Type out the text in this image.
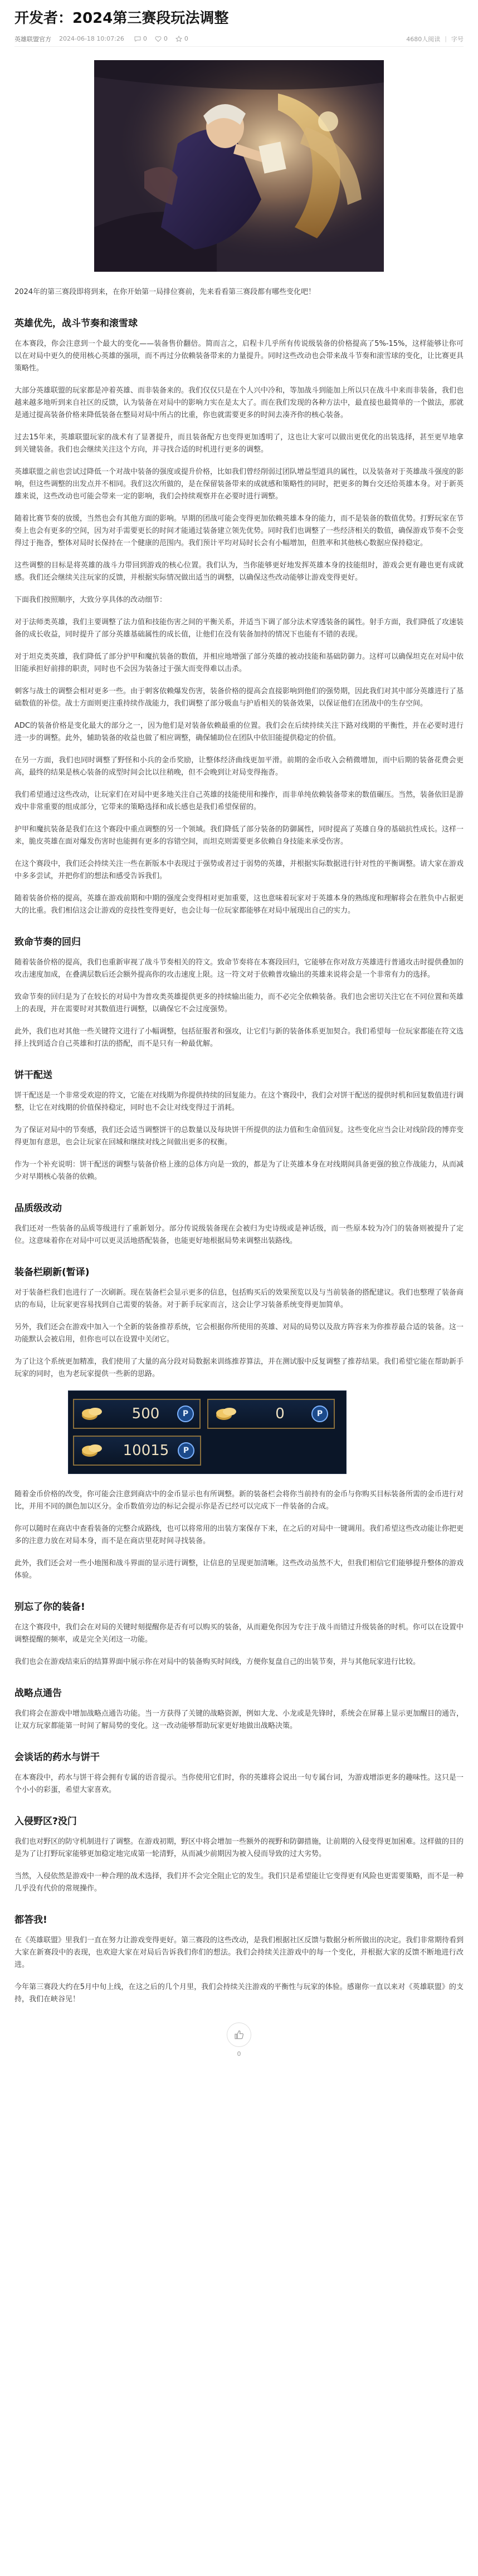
开发者：2024第三赛段玩法调整
英雄联盟官方 2024-06-18 10:07:26	0	0	0	4680人阅读 | 字号

2024年的第三赛段即将到来，在你开始第一局排位赛前，先来看看第三赛段都有哪些变化吧！

英雄优先，战斗节奏和滚雪球

在本赛段，你会注意到一个最大的变化——装备售价翻倍。简而言之，启程卡几乎所有传说级装备的价格提高了5%-15%，这样能够让你可以在对局中更久的使用核心英雄的强项，而不再过分依赖装备带来的力量提升。同时这些改动也会带来战斗节奏和滚雪球的变化，让比赛更具策略性。

大部分英雄联盟的玩家都是冲着英雄、而非装备来的。我们仅仅只是在个人兴中冷和，等加战斗到能加上所以只在战斗中来而非装备，我们也越来越多地听到来自社区的反馈，认为装备在对局中的影响力实在是太大了。而在我们发现的各种方法中，最直接也最简单的一个做法，那就是通过提高装备价格来降低装备在整局对局中所占的比重，你也就需要更多的时间去凑齐你的核心装备。

过去15年来，英雄联盟玩家的战术有了显著提升，而且装备配方也变得更加透明了，这也让大家可以做出更优化的出装选择，甚至更早地拿到关键装备。我们也会继续关注这个方向，并寻找合适的时机进行更多的调整。

英雄联盟之前也尝试过降低一个对战中装备的强度或提升价格，比如我们曾经削弱过团队增益型道具的属性，以及装备对于英雄战斗强度的影响，但这些调整的出发点并不相同。我们这次所做的，是在保留装备带来的成就感和策略性的同时，把更多的舞台交还给英雄本身。对于新英雄来说，这些改动也可能会带来一定的影响，我们会持续观察并在必要时进行调整。

随着比赛节奏的放缓，当然也会有其他方面的影响。早期的团战可能会变得更加依赖英雄本身的能力，而不是装备的数值优势。打野玩家在节奏上也会有更多的空间，因为对手需要更长的时间才能通过装备建立领先优势。同时我们也调整了一些经济相关的数值，确保游戏节奏不会变得过于拖沓，整体对局时长保持在一个健康的范围内。我们预计平均对局时长会有小幅增加，但胜率和其他核心数据应保持稳定。

这些调整的目标是将英雄的战斗力带回到游戏的核心位置。我们认为，当你能够更好地发挥英雄本身的技能组时，游戏会更有趣也更有成就感。我们还会继续关注玩家的反馈，并根据实际情况做出适当的调整，以确保这些改动能够让游戏变得更好。

下面我们按照顺序，大致分享具体的改动细节：

对于法师类英雄，我们主要调整了法力值和技能伤害之间的平衡关系，并适当下调了部分法术穿透装备的属性。射手方面，我们降低了攻速装备的成长收益，同时提升了部分英雄基础属性的成长值，让他们在没有装备加持的情况下也能有不错的表现。

对于坦克类英雄，我们降低了部分护甲和魔抗装备的数值，并相应地增强了部分英雄的被动技能和基础防御力。这样可以确保坦克在对局中依旧能承担好前排的职责，同时也不会因为装备过于强大而变得难以击杀。

刺客与战士的调整会相对更多一些。由于刺客依赖爆发伤害，装备价格的提高会直接影响到他们的强势期，因此我们对其中部分英雄进行了基础数值的补偿。战士方面则更注重持续作战能力，我们调整了部分吸血与护盾相关的装备效果，以保证他们在团战中的生存空间。

ADC的装备价格是变化最大的部分之一，因为他们是对装备依赖最重的位置。我们会在后续持续关注下路对线期的平衡性，并在必要时进行进一步的调整。此外，辅助装备的收益也做了相应调整，确保辅助位在团队中依旧能提供稳定的价值。

在另一方面，我们也同时调整了野怪和小兵的金币奖励，让整体经济曲线更加平滑。前期的金币收入会稍微增加，而中后期的装备花费会更高，最终的结果是核心装备的成型时间会比以往稍晚，但不会晚到让对局变得拖沓。

我们希望通过这些改动，让玩家们在对局中更多地关注自己英雄的技能使用和操作，而非单纯依赖装备带来的数值碾压。当然，装备依旧是游戏中非常重要的组成部分，它带来的策略选择和成长感也是我们希望保留的。

护甲和魔抗装备是我们在这个赛段中重点调整的另一个领域。我们降低了部分装备的防御属性，同时提高了英雄自身的基础抗性成长。这样一来，脆皮英雄在面对爆发伤害时也能拥有更多的容错空间，而坦克则需要更多依赖自身技能来承受伤害。

在这个赛段中，我们还会持续关注一些在新版本中表现过于强势或者过于弱势的英雄，并根据实际数据进行针对性的平衡调整。请大家在游戏中多多尝试，并把你们的想法和感受告诉我们。

随着装备价格的提高，英雄在游戏前期和中期的强度会变得相对更加重要，这也意味着玩家对于英雄本身的熟练度和理解将会在胜负中占据更大的比重。我们相信这会让游戏的竞技性变得更好，也会让每一位玩家都能够在对局中展现出自己的实力。

致命节奏的回归

随着装备价格的提高，我们也重新审视了战斗节奏相关的符文。致命节奏将在本赛段回归，它能够在你对敌方英雄进行普通攻击时提供叠加的攻击速度加成，在叠满层数后还会额外提高你的攻击速度上限。这一符文对于依赖普攻输出的英雄来说将会是一个非常有力的选择。

致命节奏的回归是为了在较长的对局中为普攻类英雄提供更多的持续输出能力，而不必完全依赖装备。我们也会密切关注它在不同位置和英雄上的表现，并在需要时对其数值进行调整，以确保它不会过度强势。

此外，我们也对其他一些关键符文进行了小幅调整，包括征服者和强攻，让它们与新的装备体系更加契合。我们希望每一位玩家都能在符文选择上找到适合自己英雄和打法的搭配，而不是只有一种最优解。

饼干配送

饼干配送是一个非常受欢迎的符文，它能在对线期为你提供持续的回复能力。在这个赛段中，我们会对饼干配送的提供时机和回复数值进行调整，让它在对线期的价值保持稳定，同时也不会让对线变得过于消耗。

为了保证对局中的节奏感，我们还会适当调整饼干的总数量以及每块饼干所提供的法力值和生命值回复。这些变化应当会让对线阶段的博弈变得更加有意思，也会让玩家在回城和继续对线之间做出更多的权衡。

作为一个补充说明：饼干配送的调整与装备价格上涨的总体方向是一致的，都是为了让英雄本身在对线期间具备更强的独立作战能力，从而减少对早期核心装备的依赖。

品质级改动

我们还对一些装备的品质等级进行了重新划分。部分传说级装备现在会被归为史诗级或是神话级，而一些原本较为冷门的装备则被提升了定位。这意味着你在对局中可以更灵活地搭配装备，也能更好地根据局势来调整出装路线。

装备栏刷新(暂译)

对于装备栏我们也进行了一次刷新。现在装备栏会显示更多的信息，包括购买后的效果预览以及与当前装备的搭配建议。我们也整理了装备商店的布局，让玩家更容易找到自己需要的装备。对于新手玩家而言，这会让学习装备系统变得更加简单。

另外，我们还会在游戏中加入一个全新的装备推荐系统，它会根据你所使用的英雄、对局的局势以及敌方阵容来为你推荐最合适的装备。这一功能默认会被启用，但你也可以在设置中关闭它。

为了让这个系统更加精准，我们使用了大量的高分段对局数据来训练推荐算法，并在测试服中反复调整了推荐结果。我们希望它能在帮助新手玩家的同时，也为老玩家提供一些新的思路。

500	P	0	P
10015	P

随着金币价格的改变，你可能会注意到商店中的金币显示也有所调整。新的装备栏会将你当前持有的金币与你购买目标装备所需的金币进行对比，并用不同的颜色加以区分。金币数值旁边的标记会提示你是否已经可以完成下一件装备的合成。

你可以随时在商店中查看装备的完整合成路线，也可以将常用的出装方案保存下来，在之后的对局中一键调用。我们希望这些改动能让你把更多的注意力放在对局本身，而不是在商店里花时间寻找装备。

此外，我们还会对一些小地图和战斗界面的显示进行调整，让信息的呈现更加清晰。这些改动虽然不大，但我们相信它们能够提升整体的游戏体验。

别忘了你的装备!

在这个赛段中，我们会在对局的关键时刻提醒你是否有可以购买的装备，从而避免你因为专注于战斗而错过升级装备的时机。你可以在设置中调整提醒的频率，或是完全关闭这一功能。

我们也会在游戏结束后的结算界面中展示你在对局中的装备购买时间线，方便你复盘自己的出装节奏，并与其他玩家进行比较。

战略点通告

我们将会在游戏中增加战略点通告功能。当一方获得了关键的战略资源，例如大龙、小龙或是先锋时，系统会在屏幕上显示更加醒目的通告，让双方玩家都能第一时间了解局势的变化。这一改动能够帮助玩家更好地做出战略决策。

会谈话的药水与饼干

在本赛段中，药水与饼干将会拥有专属的语音提示。当你使用它们时，你的英雄将会说出一句专属台词，为游戏增添更多的趣味性。这只是一个小小的彩蛋，希望大家喜欢。

入侵野区?没门

我们也对野区的防守机制进行了调整。在游戏初期，野区中将会增加一些额外的视野和防御措施，让前期的入侵变得更加困难。这样做的目的是为了让打野玩家能够更加稳定地完成第一轮清野，从而减少前期因为被入侵而导致的过大劣势。

当然，入侵依然是游戏中一种合理的战术选择，我们并不会完全阻止它的发生。我们只是希望能让它变得更有风险也更需要策略，而不是一种几乎没有代价的常规操作。

都答我!

在《英雄联盟》里我们一直在努力让游戏变得更好。第三赛段的这些改动，是我们根据社区反馈与数据分析所做出的决定。我们非常期待看到大家在新赛段中的表现，也欢迎大家在对局后告诉我们你们的想法。我们会持续关注游戏中的每一个变化，并根据大家的反馈不断地进行改进。

今年第三赛段大约在5月中旬上线，在这之后的几个月里，我们会持续关注游戏的平衡性与玩家的体验。感谢你一直以来对《英雄联盟》的支持，我们在峡谷见！

0
